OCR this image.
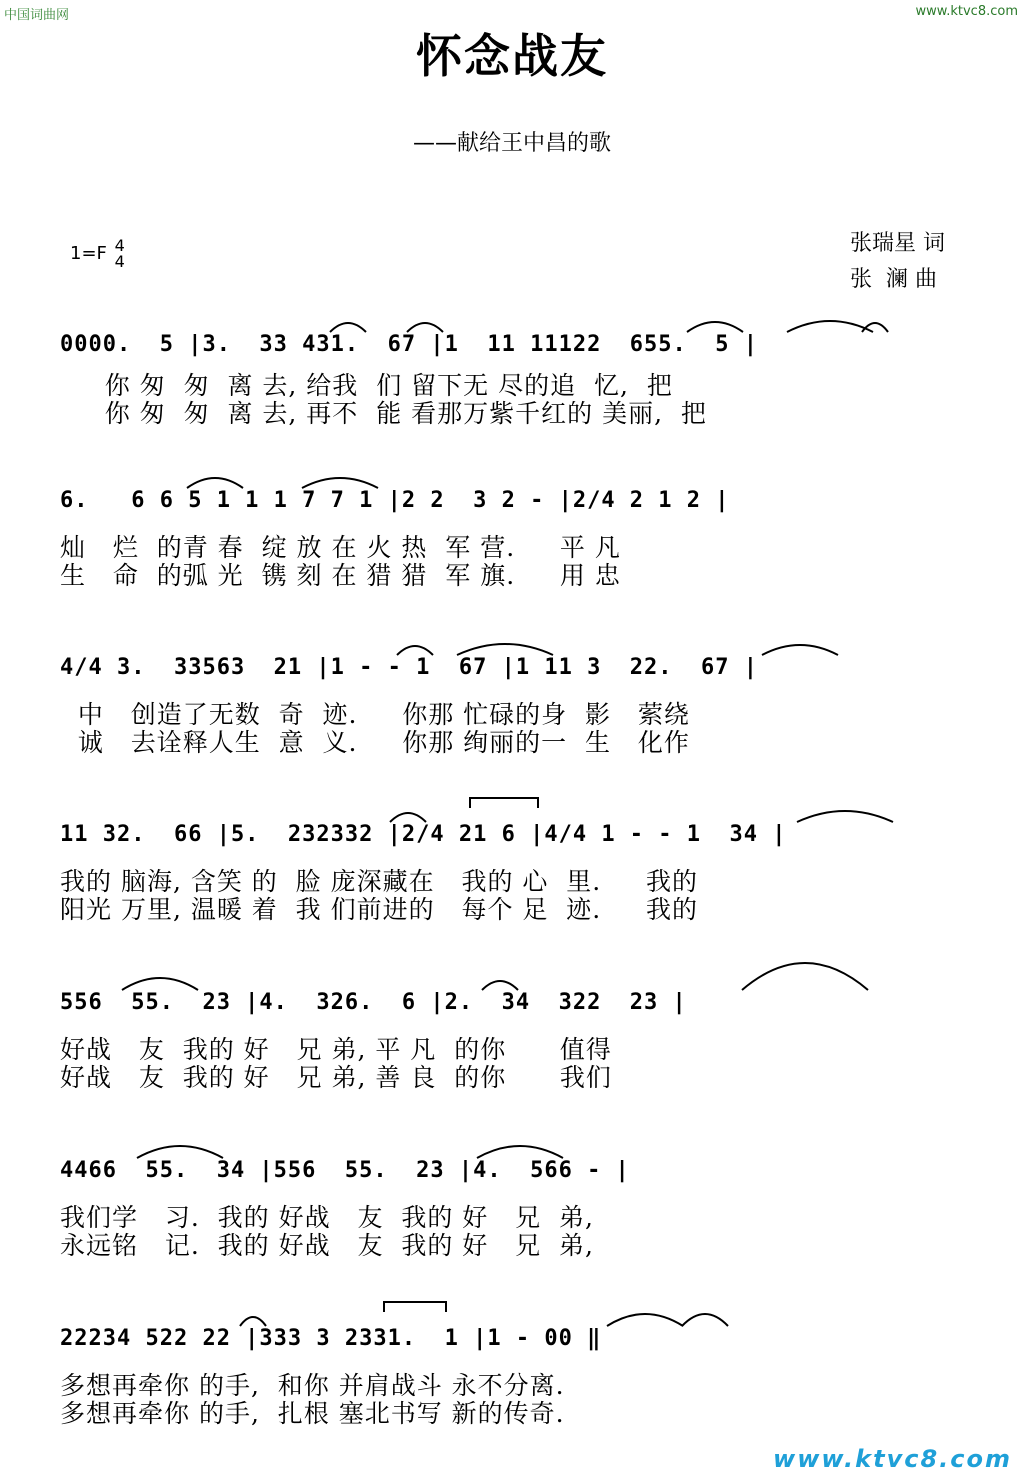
中国词曲网	www.ktvc8.com
怀念战友
——献给王中昌的歌
1=F 4
4
张瑞星 词
张  澜 曲
0000.  5 |3.  33 431.  67 |1  11 11122  655.  5 |
你 匆  匆  离 去, 给我  们 留下无 尽的追  忆,  把
你 匆  匆  离 去, 再不  能 看那万紫千红的 美丽,  把
6.   6 6 5 1 1 1 7 7 1 |2 2  3 2 - |2/4 2 1 2 |
灿   烂  的青 春  绽 放 在 火 热  军 营.     平 凡
生   命  的弧 光  镌 刻 在 猎 猎  军 旗.     用 忠
4/4 3.  33563  21 |1 - - 1  67 |1 11 3  22.  67 |
中   创造了无数  奇  迹.     你那 忙碌的身  影   萦绕
诚   去诠释人生  意  义.     你那 绚丽的一  生   化作
11 32.  66 |5.  232332 |2/4 21 6 |4/4 1 - - 1  34 |
我的 脑海, 含笑 的  脸 庞深藏在   我的 心  里.     我的
阳光 万里, 温暖 着  我 们前进的   每个 足  迹.     我的
556  55.  23 |4.  326.  6 |2.  34  322  23 |
好战   友  我的 好   兄 弟, 平 凡  的你      值得
好战   友  我的 好   兄 弟, 善 良  的你      我们
4466  55.  34 |556  55.  23 |4.  566 - |
我们学   习.  我的 好战   友  我的 好   兄  弟,
永远铭   记.  我的 好战   友  我的 好   兄  弟,
22234 522 22 |333 3 2331.  1 |1 - 00 ‖
多想再牵你 的手,  和你 并肩战斗 永不分离.
多想再牵你 的手,  扎根 塞北书写 新的传奇.
www.ktvc8.com
